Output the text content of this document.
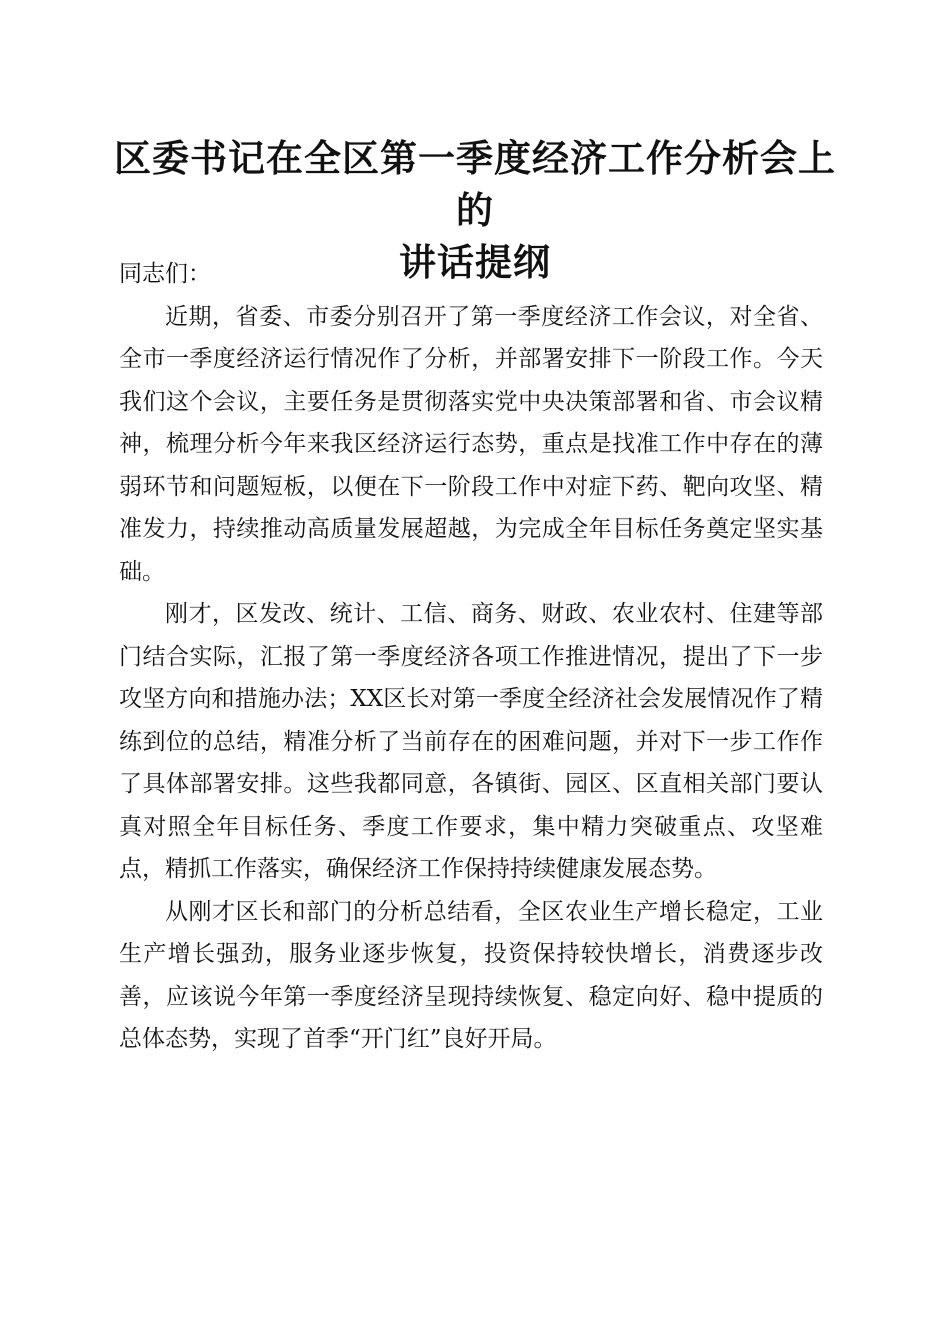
区委书记在全区第一季度经济工作分析会上的
讲话提纲

同志们：

近期，省委、市委分别召开了第一季度经济工作会议，对全省、全市一季度经济运行情况作了分析，并部署安排下一阶段工作。今天我们这个会议，主要任务是贯彻落实党中央决策部署和省、市会议精神，梳理分析今年来我区经济运行态势，重点是找准工作中存在的薄弱环节和问题短板，以便在下一阶段工作中对症下药、靶向攻坚、精准发力，持续推动高质量发展超越，为完成全年目标任务奠定坚实基础。

刚才，区发改、统计、工信、商务、财政、农业农村、住建等部门结合实际，汇报了第一季度经济各项工作推进情况，提出了下一步攻坚方向和措施办法；XX区长对第一季度全经济社会发展情况作了精练到位的总结，精准分析了当前存在的困难问题，并对下一步工作作了具体部署安排。这些我都同意，各镇街、园区、区直相关部门要认真对照全年目标任务、季度工作要求，集中精力突破重点、攻坚难点，精抓工作落实，确保经济工作保持持续健康发展态势。

从刚才区长和部门的分析总结看，全区农业生产增长稳定，工业生产增长强劲，服务业逐步恢复，投资保持较快增长，消费逐步改善，应该说今年第一季度经济呈现持续恢复、稳定向好、稳中提质的总体态势，实现了首季“开门红”良好开局。
